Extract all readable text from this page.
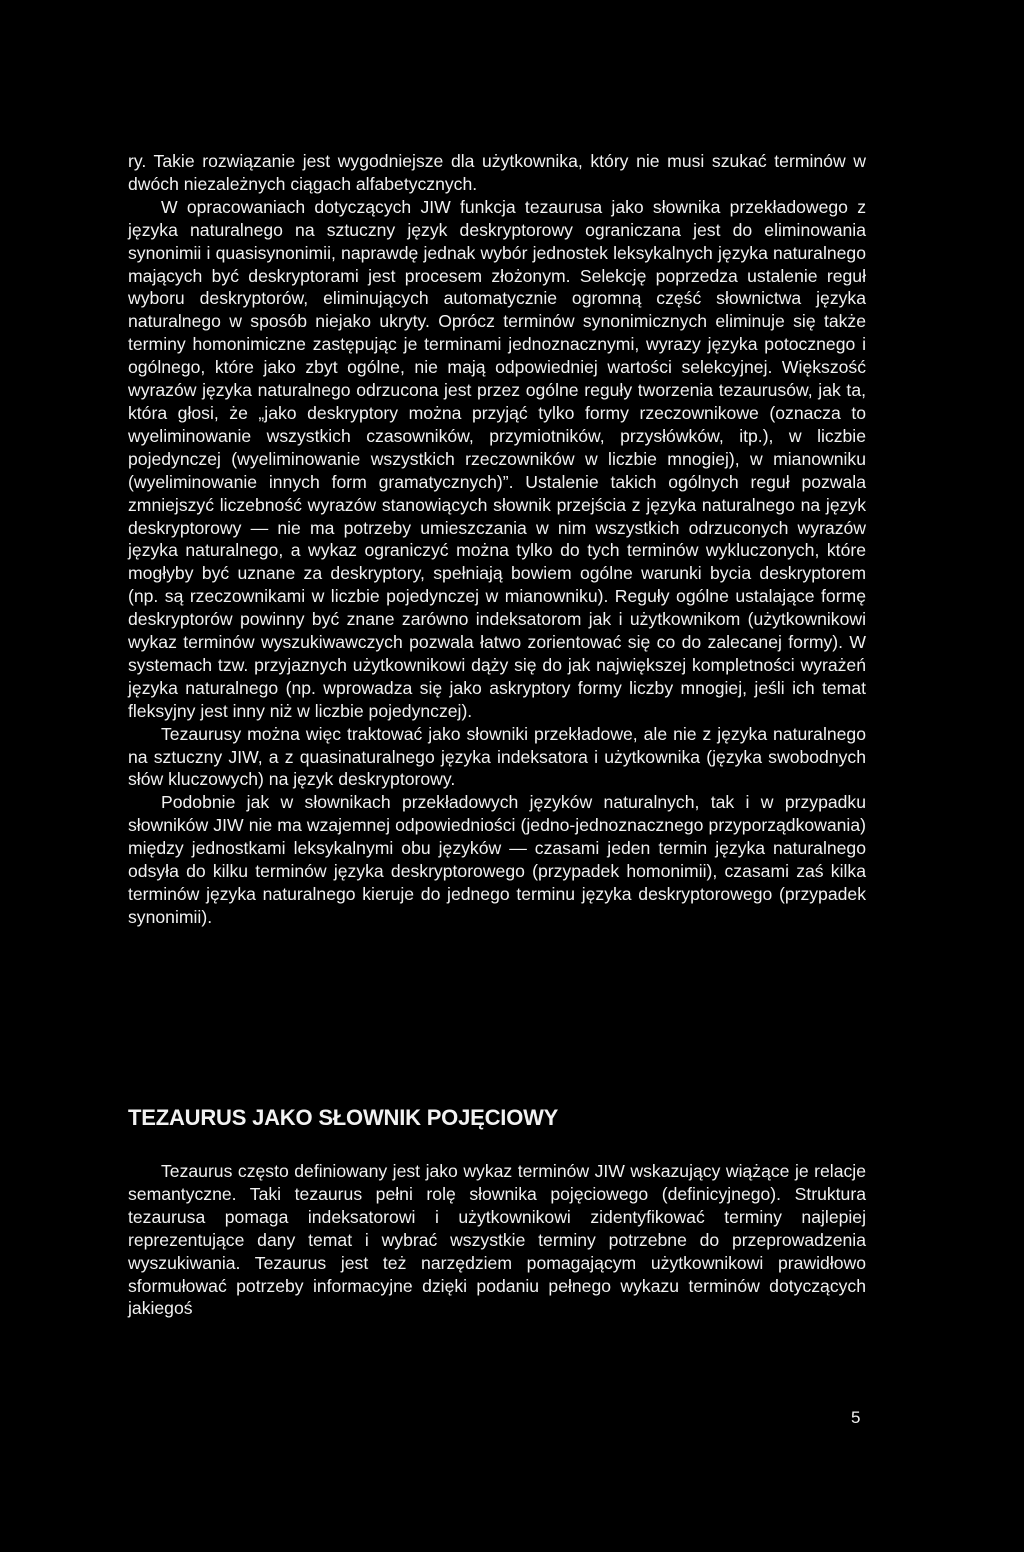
ry. Takie rozwiązanie jest wygodniejsze dla użytkownika, który nie musi szukać terminów w dwóch niezależnych ciągach alfabetycznych.

W opracowaniach dotyczących JIW funkcja tezaurusa jako słownika przekładowego z języka naturalnego na sztuczny język deskryptorowy ograniczana jest do eliminowania synonimii i quasisynonimii, naprawdę jednak wybór jednostek leksykalnych języka naturalnego mających być deskryptorami jest procesem złożonym. Selekcję poprzedza ustalenie reguł wyboru deskryptorów, eliminujących automatycznie ogromną część słownictwa języka naturalnego w sposób niejako ukryty. Oprócz terminów synonimicznych eliminuje się także terminy homonimiczne zastępując je terminami jednoznacznymi, wyrazy języka potocznego i ogólnego, które jako zbyt ogólne, nie mają odpowiedniej wartości selekcyjnej. Większość wyrazów języka naturalnego odrzucona jest przez ogólne reguły tworzenia tezaurusów, jak ta, która głosi, że „jako deskryptory można przyjąć tylko formy rzeczownikowe (oznacza to wyeliminowanie wszystkich czasowników, przymiotników, przysłówków, itp.), w liczbie pojedynczej (wyeliminowanie wszystkich rzeczowników w liczbie mnogiej), w mianowniku (wyeliminowanie innych form gramatycznych)”. Ustalenie takich ogólnych reguł pozwala zmniejszyć liczebność wyrazów stanowiących słownik przejścia z języka naturalnego na język deskryptorowy — nie ma potrzeby umieszczania w nim wszystkich odrzuconych wyrazów języka naturalnego, a wykaz ograniczyć można tylko do tych terminów wykluczonych, które mogłyby być uznane za deskryptory, spełniają bowiem ogólne warunki bycia deskryptorem (np. są rzeczownikami w liczbie pojedynczej w mianowniku). Reguły ogólne ustalające formę deskryptorów powinny być znane zarówno indeksatorom jak i użytkownikom (użytkownikowi wykaz terminów wyszukiwawczych pozwala łatwo zorientować się co do zalecanej formy). W systemach tzw. przyjaznych użytkownikowi dąży się do jak największej kompletności wyrażeń języka naturalnego (np. wprowadza się jako askryptory formy liczby mnogiej, jeśli ich temat fleksyjny jest inny niż w liczbie pojedynczej).

Tezaurusy można więc traktować jako słowniki przekładowe, ale nie z języka naturalnego na sztuczny JIW, a z quasinaturalnego języka indeksatora i użytkownika (języka swobodnych słów kluczowych) na język deskryptorowy.

Podobnie jak w słownikach przekładowych języków naturalnych, tak i w przypadku słowników JIW nie ma wzajemnej odpowiedniości (jedno-jednoznacznego przyporządkowania) między jednostkami leksykalnymi obu języków — czasami jeden termin języka naturalnego odsyła do kilku terminów języka deskryptorowego (przypadek homonimii), czasami zaś kilka terminów języka naturalnego kieruje do jednego terminu języka deskryptorowego (przypadek synonimii).

TEZAURUS JAKO SŁOWNIK POJĘCIOWY

Tezaurus często definiowany jest jako wykaz terminów JIW wskazujący wiążące je relacje semantyczne. Taki tezaurus pełni rolę słownika pojęciowego (definicyjnego). Struktura tezaurusa pomaga indeksatorowi i użytkownikowi zidentyfikować terminy najlepiej reprezentujące dany temat i wybrać wszystkie terminy potrzebne do przeprowadzenia wyszukiwania. Tezaurus jest też narzędziem pomagającym użytkownikowi prawidłowo sformułować potrzeby informacyjne dzięki podaniu pełnego wykazu terminów dotyczących jakiegoś

5
